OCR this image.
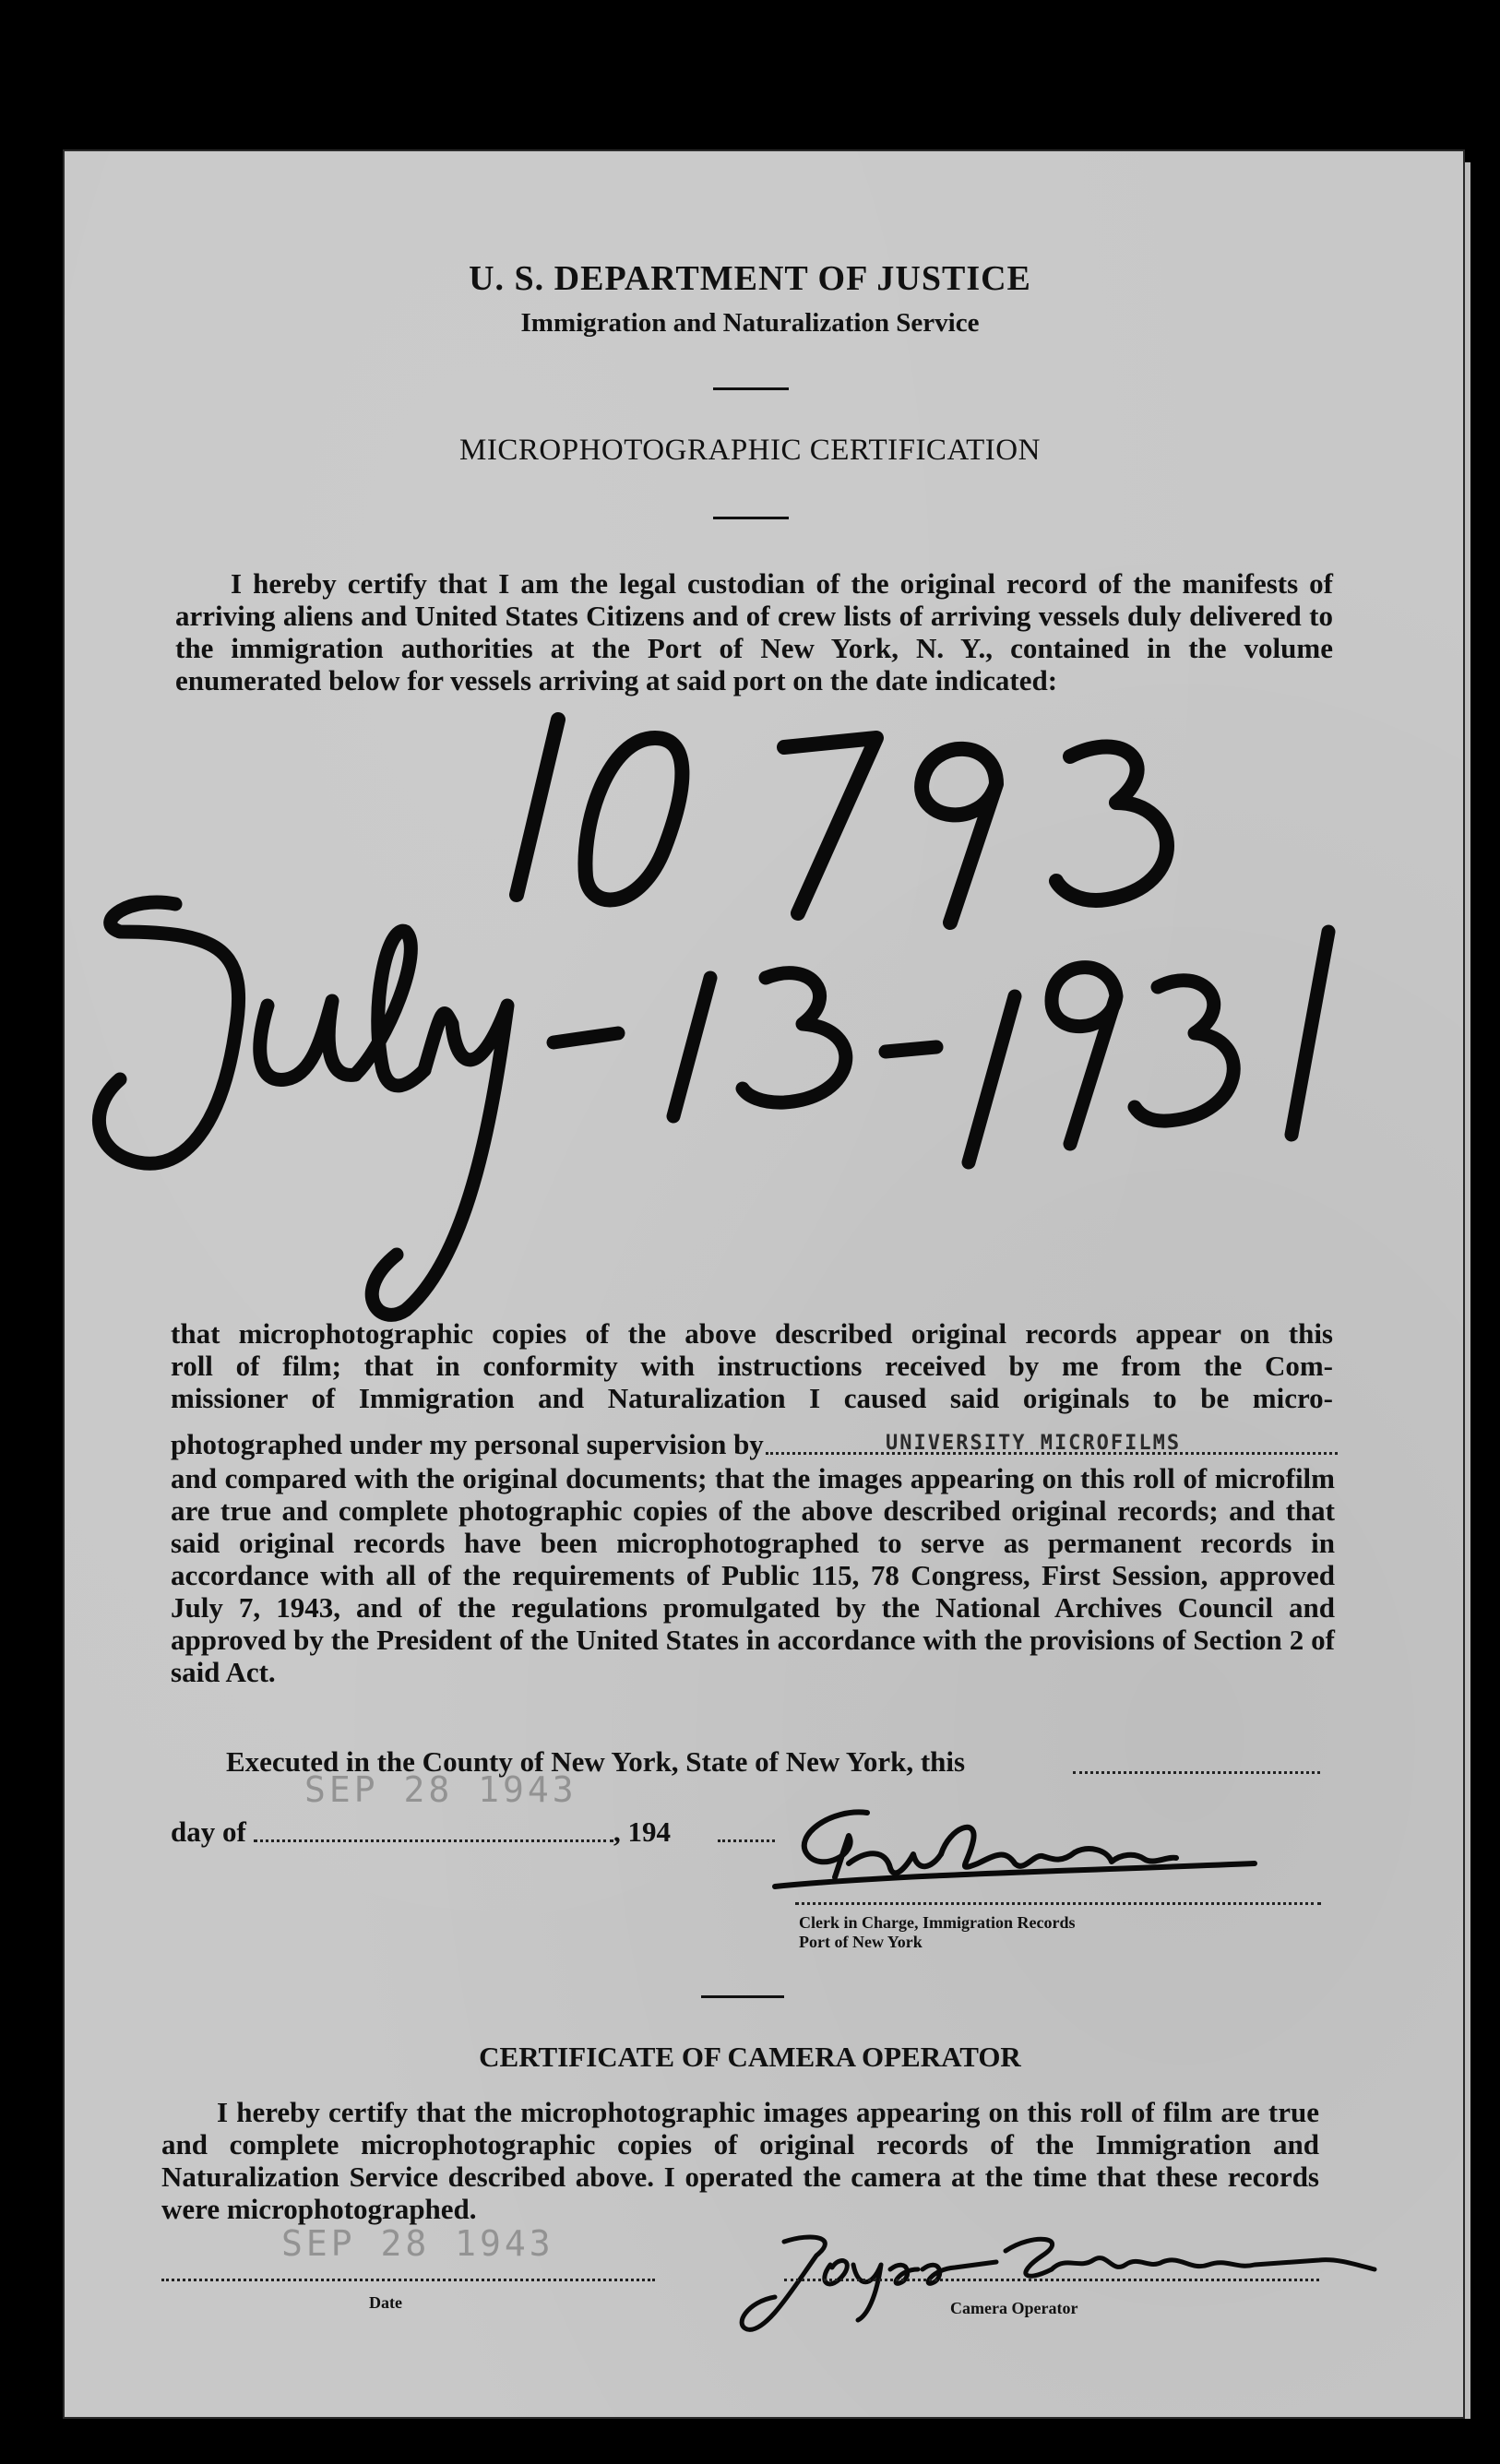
U. S. DEPARTMENT OF JUSTICE
Immigration and Naturalization Service
MICROPHOTOGRAPHIC CERTIFICATION
I hereby certify that I am the legal custodian of the original record of the manifests of arriving aliens and United States Citizens and of crew lists of arriving vessels duly delivered to the immigration authorities at the Port of New York, N. Y., contained in the volume enumerated below for vessels arriving at said port on the date indicated:
that microphotographic copies of the above described original records appear on this
roll of film; that in conformity with instructions received by me from the Com-
missioner of Immigration and Naturalization I caused said originals to be micro-
photographed under my personal supervision by	UNIVERSITY MICROFILMS
and compared with the original documents; that the images appearing on this roll of microfilm are true and complete photographic copies of the above described original records; and that said original records have been microphotographed to serve as permanent records in accordance with all of the requirements of Public 115, 78 Congress, First Session, approved July 7, 1943, and of the regulations promulgated by the National Archives Council and approved by the President of the United States in accordance with the provisions of Section 2 of said Act.
Executed in the County of New York, State of New York, this
SEP 28 1943
day of	, 194
Clerk in Charge, Immigration Records
Port of New York
CERTIFICATE OF CAMERA OPERATOR
I hereby certify that the microphotographic images appearing on this roll of film are true and complete microphotographic copies of original records of the Immigration and Naturalization Service described above. I operated the camera at the time that these records were microphotographed.
SEP 28 1943
Date	Camera Operator
